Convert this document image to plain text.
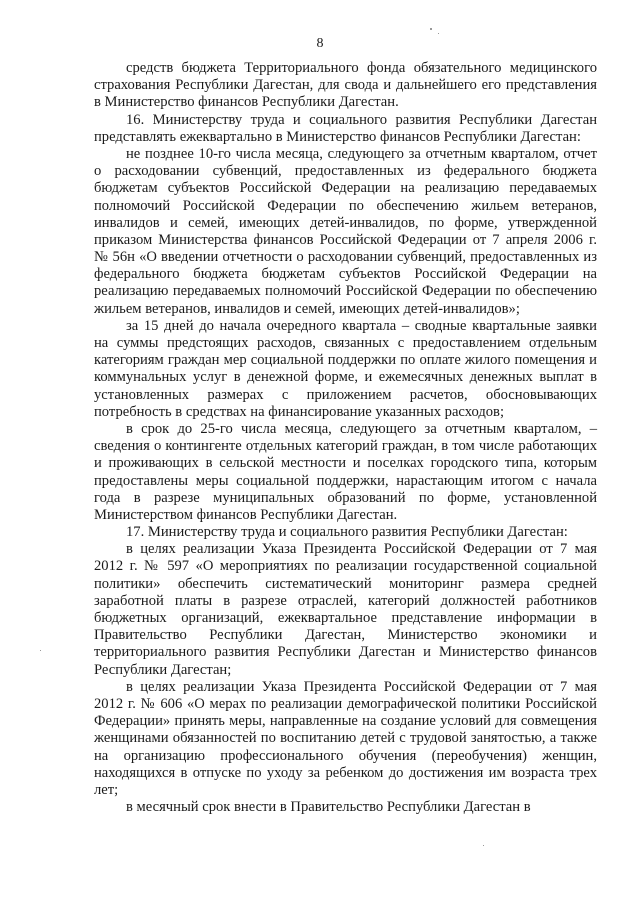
8
средств бюджета Территориального фонда обязательного медицинского
страхования Республики Дагестан, для свода и дальнейшего его представления
в Министерство финансов Республики Дагестан.
16. Министерству труда и социального развития Республики Дагестан
представлять ежеквартально в Министерство финансов Республики Дагестан:
не позднее 10-го числа месяца, следующего за отчетным кварталом, отчет
о расходовании субвенций, предоставленных из федерального бюджета
бюджетам субъектов Российской Федерации на реализацию передаваемых
полномочий Российской Федерации по обеспечению жильем ветеранов,
инвалидов и семей, имеющих детей-инвалидов, по форме, утвержденной
приказом Министерства финансов Российской Федерации от 7 апреля 2006 г.
№ 56н «О введении отчетности о расходовании субвенций, предоставленных из
федерального бюджета бюджетам субъектов Российской Федерации на
реализацию передаваемых полномочий Российской Федерации по обеспечению
жильем ветеранов, инвалидов и семей, имеющих детей-инвалидов»;
за 15 дней до начала очередного квартала – сводные квартальные заявки
на суммы предстоящих расходов, связанных с предоставлением отдельным
категориям граждан мер социальной поддержки по оплате жилого помещения и
коммунальных услуг в денежной форме, и ежемесячных денежных выплат в
установленных размерах с приложением расчетов, обосновывающих
потребность в средствах на финансирование указанных расходов;
в срок до 25-го числа месяца, следующего за отчетным кварталом, –
сведения о контингенте отдельных категорий граждан, в том числе работающих
и проживающих в сельской местности и поселках городского типа, которым
предоставлены меры социальной поддержки, нарастающим итогом с начала
года в разрезе муниципальных образований по форме, установленной
Министерством финансов Республики Дагестан.
17. Министерству труда и социального развития Республики Дагестан:
в целях реализации Указа Президента Российской Федерации от 7 мая
2012 г. № 597 «О мероприятиях по реализации государственной социальной
политики» обеспечить систематический мониторинг размера средней
заработной платы в разрезе отраслей, категорий должностей работников
бюджетных организаций, ежеквартальное представление информации в
Правительство Республики Дагестан, Министерство экономики и
территориального развития Республики Дагестан и Министерство финансов
Республики Дагестан;
в целях реализации Указа Президента Российской Федерации от 7 мая
2012 г. № 606 «О мерах по реализации демографической политики Российской
Федерации» принять меры, направленные на создание условий для совмещения
женщинами обязанностей по воспитанию детей с трудовой занятостью, а также
на организацию профессионального обучения (переобучения) женщин,
находящихся в отпуске по уходу за ребенком до достижения им возраста трех
лет;
в месячный срок внести в Правительство Республики Дагестан в
